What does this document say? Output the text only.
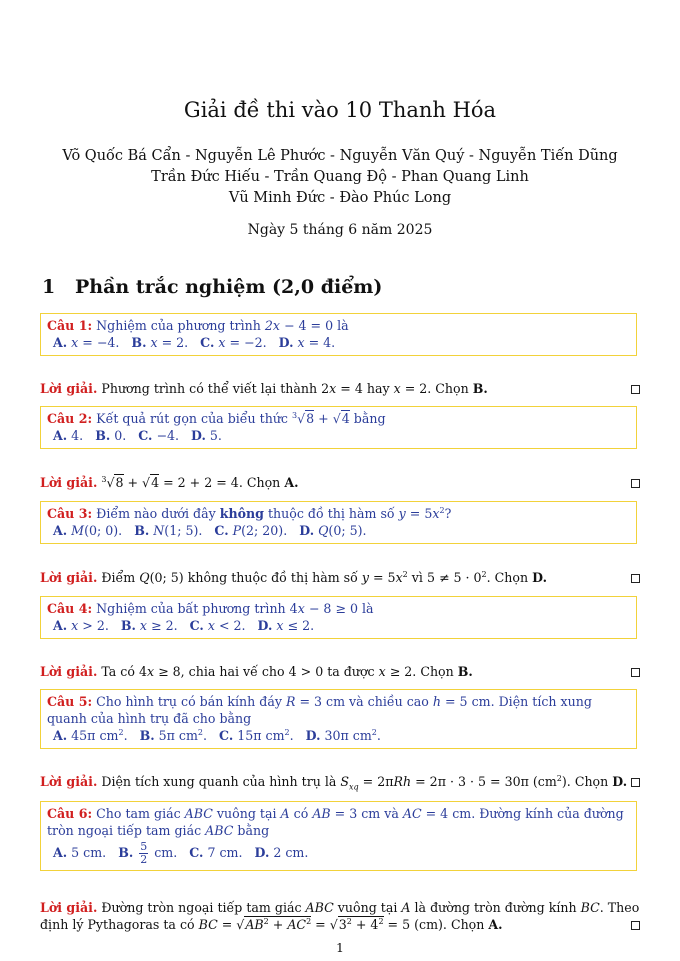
Giải đề thi vào 10 Thanh Hóa
Võ Quốc Bá Cẩn - Nguyễn Lê Phước - Nguyễn Văn Quý - Nguyễn Tiến Dũng
Trần Đức Hiếu - Trần Quang Độ - Phan Quang Linh
Vũ Minh Đức - Đào Phúc Long
Ngày 5 tháng 6 năm 2025
1 Phần trắc nghiệm (2,0 điểm)
Câu 1: Nghiệm của phương trình 2x − 4 = 0 là
A. x = −4.   B. x = 2.   C. x = −2.   D. x = 4.
Lời giải. Phương trình có thể viết lại thành 2x = 4 hay x = 2. Chọn B.
Câu 2: Kết quả rút gọn của biểu thức $^3$√8 + √4 bằng
A. 4.   B. 0.   C. −4.   D. 5.
Lời giải. $^3$√8 + √4 = 2 + 2 = 4. Chọn A.
Câu 3: Điểm nào dưới đây không thuộc đồ thị hàm số $y = 5x^2$?
A. M(0; 0).   B. N(1; 5).   C. P(2; 20).   D. Q(0; 5).
Lời giải. Điểm Q(0; 5) không thuộc đồ thị hàm số $y = 5x^2$ vì $5 \ne 5 \cdot 0^2$. Chọn D.
Câu 4: Nghiệm của bất phương trình 4x − 8 ≥ 0 là
A. x > 2.   B. x ≥ 2.   C. x < 2.   D. x ≤ 2.
Lời giải. Ta có 4x ≥ 8, chia hai vế cho 4 > 0 ta được x ≥ 2. Chọn B.
Câu 5: Cho hình trụ có bán kính đáy R = 3 cm và chiều cao h = 5 cm. Diện tích xung quanh của hình trụ đã cho bằng
A. 45π $cm^2$.   B. 5π $cm^2$.   C. 15π $cm^2$.   D. 30π $cm^2$.
Lời giải. Diện tích xung quanh của hình trụ là $S_{xq} = 2\pi Rh = 2\pi \cdot 3 \cdot 5 = 30\pi$ $(cm^2)$. Chọn D.
Câu 6: Cho tam giác ABC vuông tại A có AB = 3 cm và AC = 4 cm. Đường kính của đường tròn ngoại tiếp tam giác ABC bằng
A. 5 cm.   B. $\frac{5}{2}$ cm.   C. 7 cm.   D. 2 cm.
Lời giải. Đường tròn ngoại tiếp tam giác ABC vuông tại A là đường tròn đường kính BC. Theo định lý Pythagoras ta có BC = $√AB^2 + AC^2 = √3^2 + 4^2 = 5$ (cm). Chọn A.
1
